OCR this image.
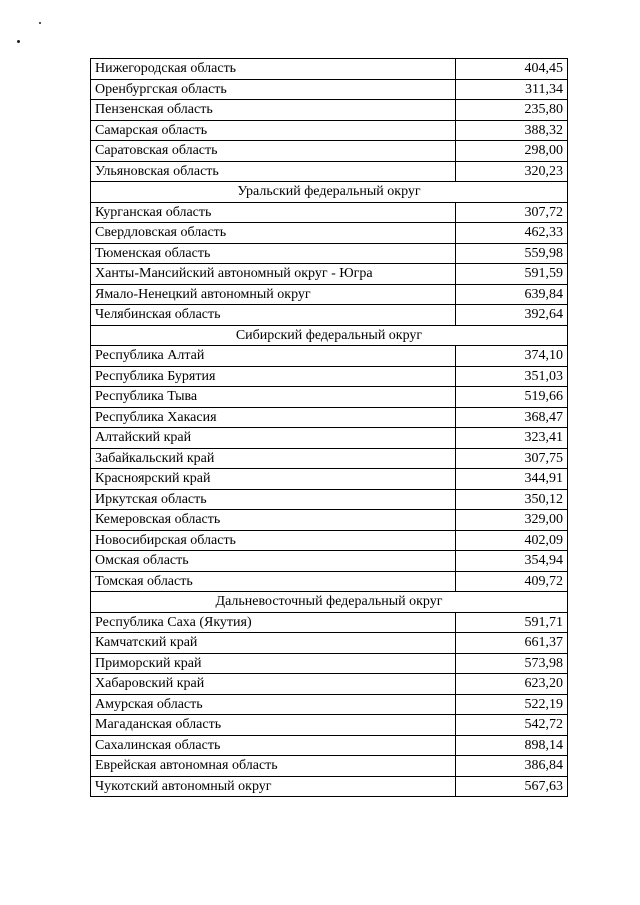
Нижегородская область	404,45
Оренбургская область	311,34
Пензенская область	235,80
Самарская область	388,32
Саратовская область	298,00
Ульяновская область	320,23
Уральский федеральный округ	
Курганская область	307,72
Свердловская область	462,33
Тюменская область	559,98
Ханты-Мансийский автономный округ - Югра	591,59
Ямало-Ненецкий автономный округ	639,84
Челябинская область	392,64
Сибирский федеральный округ	
Республика Алтай	374,10
Республика Бурятия	351,03
Республика Тыва	519,66
Республика Хакасия	368,47
Алтайский край	323,41
Забайкальский край	307,75
Красноярский край	344,91
Иркутская область	350,12
Кемеровская область	329,00
Новосибирская область	402,09
Омская область	354,94
Томская область	409,72
Дальневосточный федеральный округ	
Республика Саха (Якутия)	591,71
Камчатский край	661,37
Приморский край	573,98
Хабаровский край	623,20
Амурская область	522,19
Магаданская область	542,72
Сахалинская область	898,14
Еврейская автономная область	386,84
Чукотский автономный округ	567,63
